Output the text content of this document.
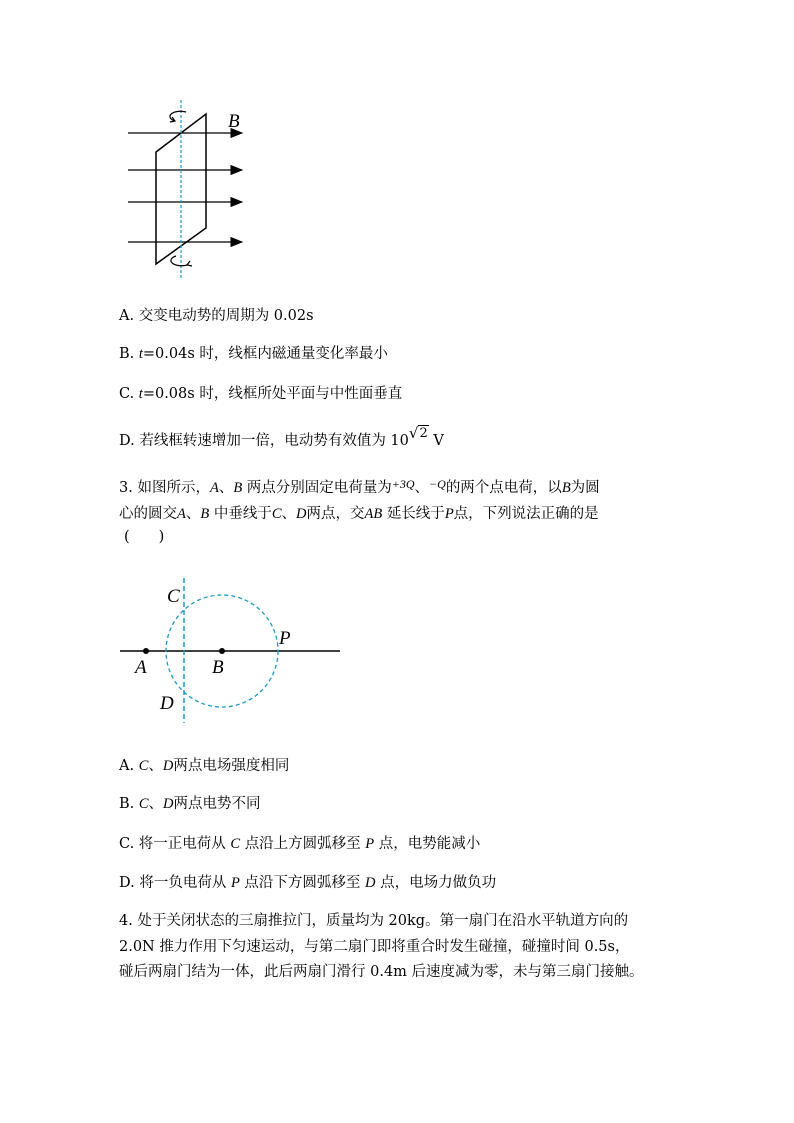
B
A. 交变电动势的周期为 0.02s
B. t=0.04s 时，线框内磁通量变化率最小
C. t=0.08s 时，线框所处平面与中性面垂直
D. 若线框转速增加一倍，电动势有效值为 10√2 V
3. 如图所示，A、B 两点分别固定电荷量为$^{+3Q}$、$^{-Q}$的两个点电荷，以B为圆
心的圆交A、B 中垂线于C、D两点，交AB 延长线于P点，下列说法正确的是
(　　)
C
P
A	B
D
A. C、D两点电场强度相同
B. C、D两点电势不同
C. 将一正电荷从 C 点沿上方圆弧移至 P 点，电势能减小
D. 将一负电荷从 P 点沿下方圆弧移至 D 点，电场力做负功
4. 处于关闭状态的三扇推拉门，质量均为 20kg。第一扇门在沿水平轨道方向的
2.0N 推力作用下匀速运动，与第二扇门即将重合时发生碰撞，碰撞时间 0.5s，
碰后两扇门结为一体，此后两扇门滑行 0.4m 后速度减为零，未与第三扇门接触。
